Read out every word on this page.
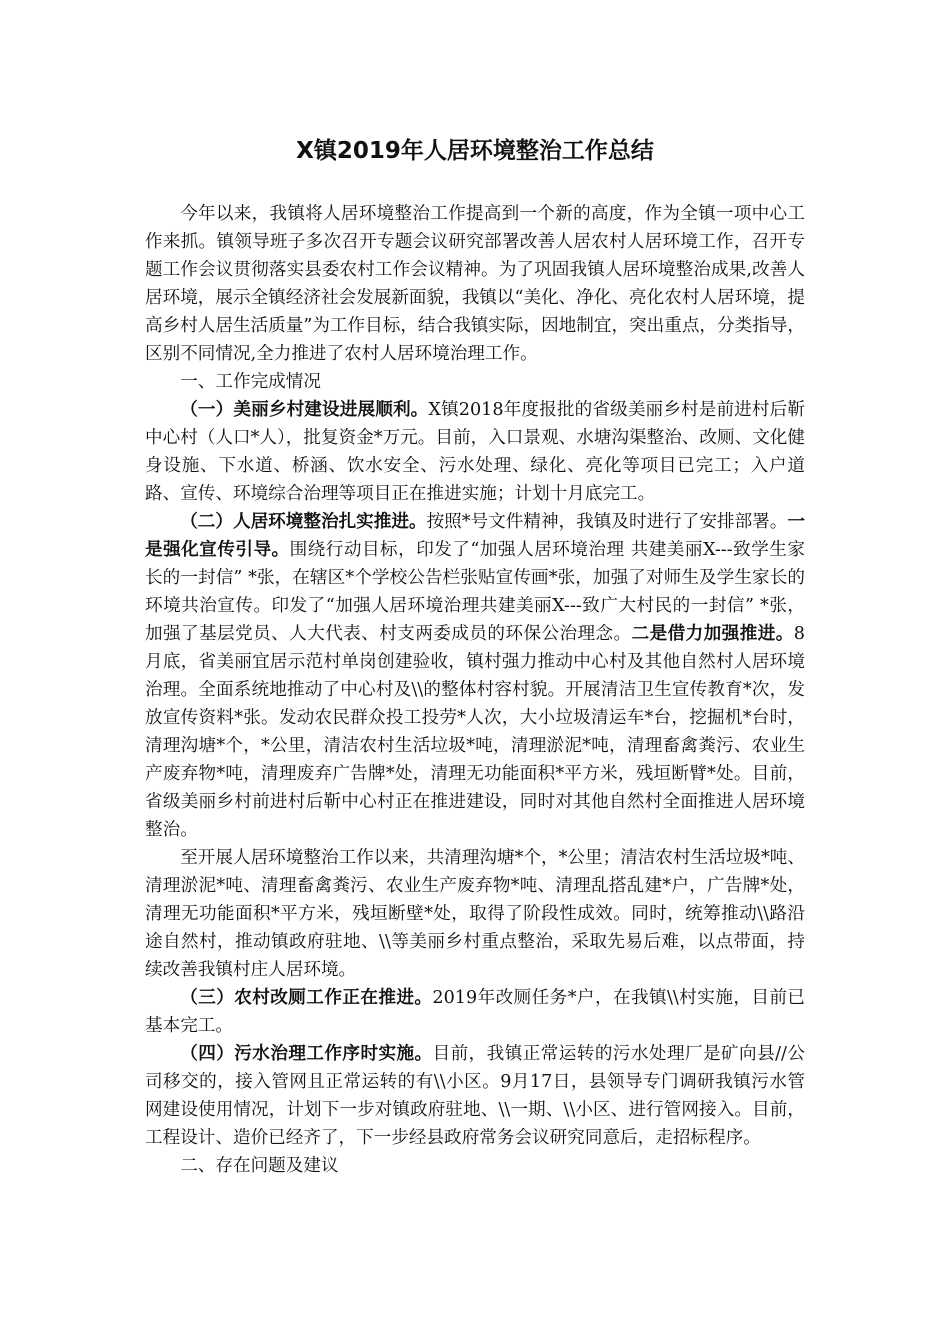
X镇2019年人居环境整治工作总结

今年以来，我镇将人居环境整治工作提高到一个新的高度，作为全镇一项中心工作来抓。镇领导班子多次召开专题会议研究部署改善人居农村人居环境工作，召开专题工作会议贯彻落实县委农村工作会议精神。为了巩固我镇人居环境整治成果,改善人居环境，展示全镇经济社会发展新面貌，我镇以“美化、净化、亮化农村人居环境，提高乡村人居生活质量”为工作目标，结合我镇实际，因地制宜，突出重点，分类指导，区别不同情况,全力推进了农村人居环境治理工作。

一、工作完成情况

（一）美丽乡村建设进展顺利。X镇2018年度报批的省级美丽乡村是前进村后靳中心村（人口*人），批复资金*万元。目前，入口景观、水塘沟渠整治、改厕、文化健身设施、下水道、桥涵、饮水安全、污水处理、绿化、亮化等项目已完工；入户道路、宣传、环境综合治理等项目正在推进实施；计划十月底完工。

（二）人居环境整治扎实推进。按照*号文件精神，我镇及时进行了安排部署。一是强化宣传引导。围绕行动目标，印发了“加强人居环境治理 共建美丽X---致学生家长的一封信” *张，在辖区*个学校公告栏张贴宣传画*张，加强了对师生及学生家长的环境共治宣传。印发了“加强人居环境治理共建美丽X---致广大村民的一封信” *张，加强了基层党员、人大代表、村支两委成员的环保公治理念。二是借力加强推进。8月底，省美丽宜居示范村单岗创建验收，镇村强力推动中心村及其他自然村人居环境治理。全面系统地推动了中心村及\\的整体村容村貌。开展清洁卫生宣传教育*次，发放宣传资料*张。发动农民群众投工投劳*人次，大小垃圾清运车*台，挖掘机*台时，清理沟塘*个，*公里，清洁农村生活垃圾*吨，清理淤泥*吨，清理畜禽粪污、农业生产废弃物*吨，清理废弃广告牌*处，清理无功能面积*平方米，残垣断臂*处。目前，省级美丽乡村前进村后靳中心村正在推进建设，同时对其他自然村全面推进人居环境整治。

至开展人居环境整治工作以来，共清理沟塘*个，*公里；清洁农村生活垃圾*吨、清理淤泥*吨、清理畜禽粪污、农业生产废弃物*吨、清理乱搭乱建*户，广告牌*处，清理无功能面积*平方米，残垣断壁*处，取得了阶段性成效。同时，统筹推动\\路沿途自然村，推动镇政府驻地、\\等美丽乡村重点整治，采取先易后难，以点带面，持续改善我镇村庄人居环境。

（三）农村改厕工作正在推进。2019年改厕任务*户，在我镇\\村实施，目前已基本完工。

（四）污水治理工作序时实施。目前，我镇正常运转的污水处理厂是矿向县//公司移交的，接入管网且正常运转的有\\小区。9月17日，县领导专门调研我镇污水管网建设使用情况，计划下一步对镇政府驻地、\\一期、\\小区、进行管网接入。目前，工程设计、造价已经齐了，下一步经县政府常务会议研究同意后，走招标程序。

二、存在问题及建议
